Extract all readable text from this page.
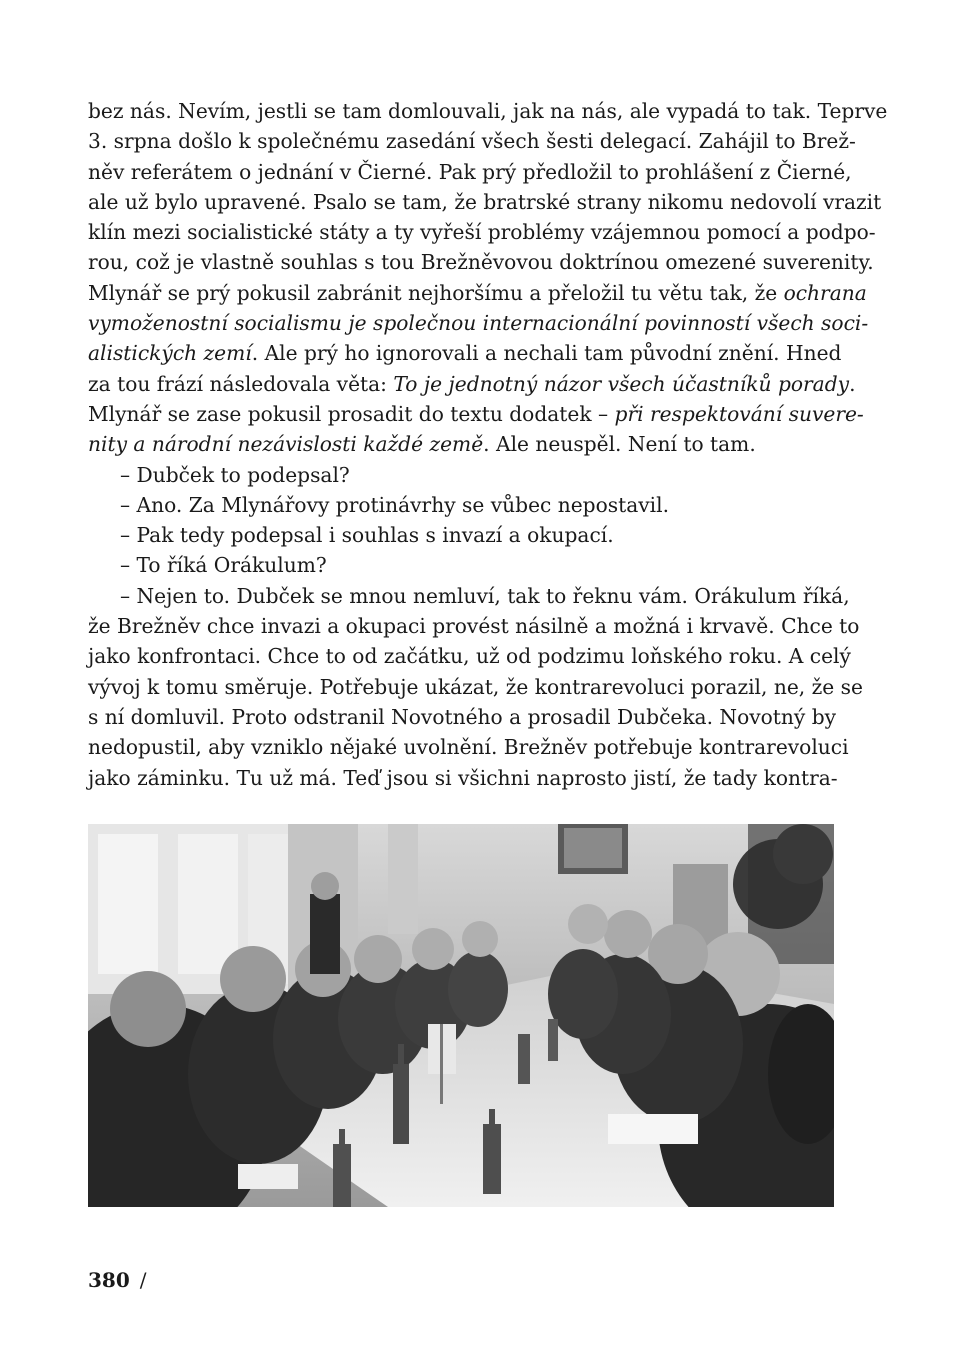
bez nás. Nevím, jestli se tam domlouvali, jak na nás, ale vypadá to tak. Teprve
3. srpna došlo k společnému zasedání všech šesti delegací. Zahájil to Brež-
něv referátem o jednání v Čierné. Pak prý předložil to prohlášení z Čierné,
ale už bylo upravené. Psalo se tam, že bratrské strany nikomu nedovolí vrazit
klín mezi socialistické státy a ty vyřeší problémy vzájemnou pomocí a podpo-
rou, což je vlastně souhlas s tou Brežněvovou doktrínou omezené suverenity.
Mlynář se prý pokusil zabránit nejhoršímu a přeložil tu větu tak, že ochrana
vymoženostní socialismu je společnou internacionální povinností všech soci-
alistických zemí. Ale prý ho ignorovali a nechali tam původní znění. Hned
za tou frází následovala věta: To je jednotný názor všech účastníků porady.
Mlynář se zase pokusil prosadit do textu dodatek – při respektování suvere-
nity a národní nezávislosti každé země. Ale neuspěl. Není to tam.
– Dubček to podepsal?
– Ano. Za Mlynářovy protinávrhy se vůbec nepostavil.
– Pak tedy podepsal i souhlas s invazí a okupací.
– To říká Orákulum?
– Nejen to. Dubček se mnou nemluví, tak to řeknu vám. Orákulum říká,
že Brežněv chce invazi a okupaci provést násilně a možná i krvavě. Chce to
jako konfrontaci. Chce to od začátku, už od podzimu loňského roku. A celý
vývoj k tomu směruje. Potřebuje ukázat, že kontrarevoluci porazil, ne, že se
s ní domluvil. Proto odstranil Novotného a prosadil Dubčeka. Novotný by
nedopustil, aby vzniklo nějaké uvolnění. Brežněv potřebuje kontrarevoluci
jako záminku. Tu už má. Teď jsou si všichni naprosto jistí, že tady kontra-
380 /
